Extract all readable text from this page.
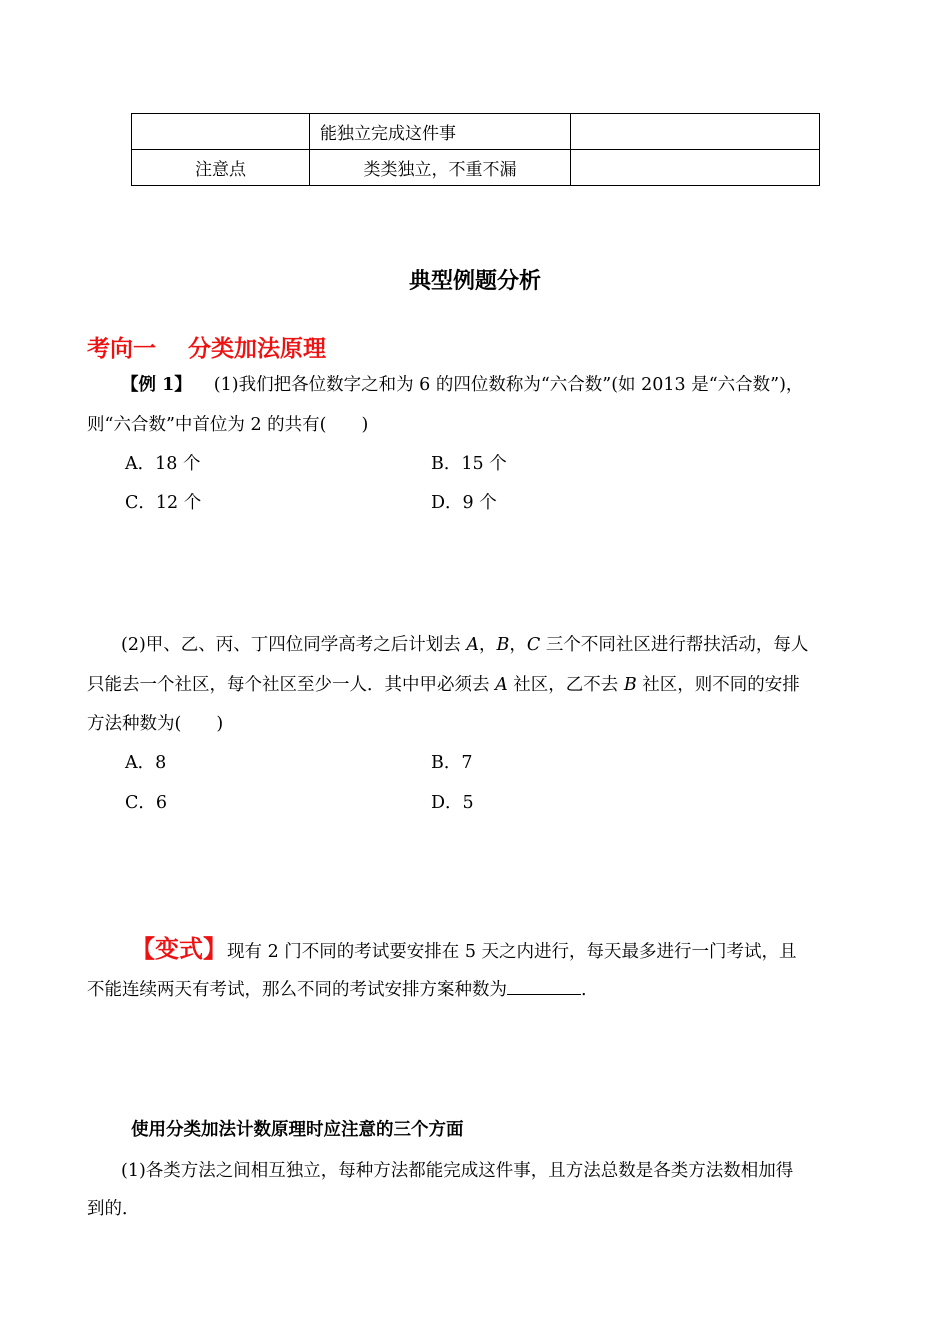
	能独立完成这件事	
注意点	类类独立，不重不漏	
典型例题分析
考向一 分类加法原理
【例 1】 (1)我们把各位数字之和为 6 的四位数称为“六合数”(如 2013 是“六合数”)，
则“六合数”中首位为 2 的共有(　　)
A．18 个	B．15 个
C．12 个	D．9 个
(2)甲、乙、丙、丁四位同学高考之后计划去 A，B，C 三个不同社区进行帮扶活动，每人
只能去一个社区，每个社区至少一人．其中甲必须去 A 社区，乙不去 B 社区，则不同的安排
方法种数为(　　)
A．8	B．7
C．6	D．5
【变式】现有 2 门不同的考试要安排在 5 天之内进行，每天最多进行一门考试，且
不能连续两天有考试，那么不同的考试安排方案种数为	.
使用分类加法计数原理时应注意的三个方面
(1)各类方法之间相互独立，每种方法都能完成这件事，且方法总数是各类方法数相加得
到的．
